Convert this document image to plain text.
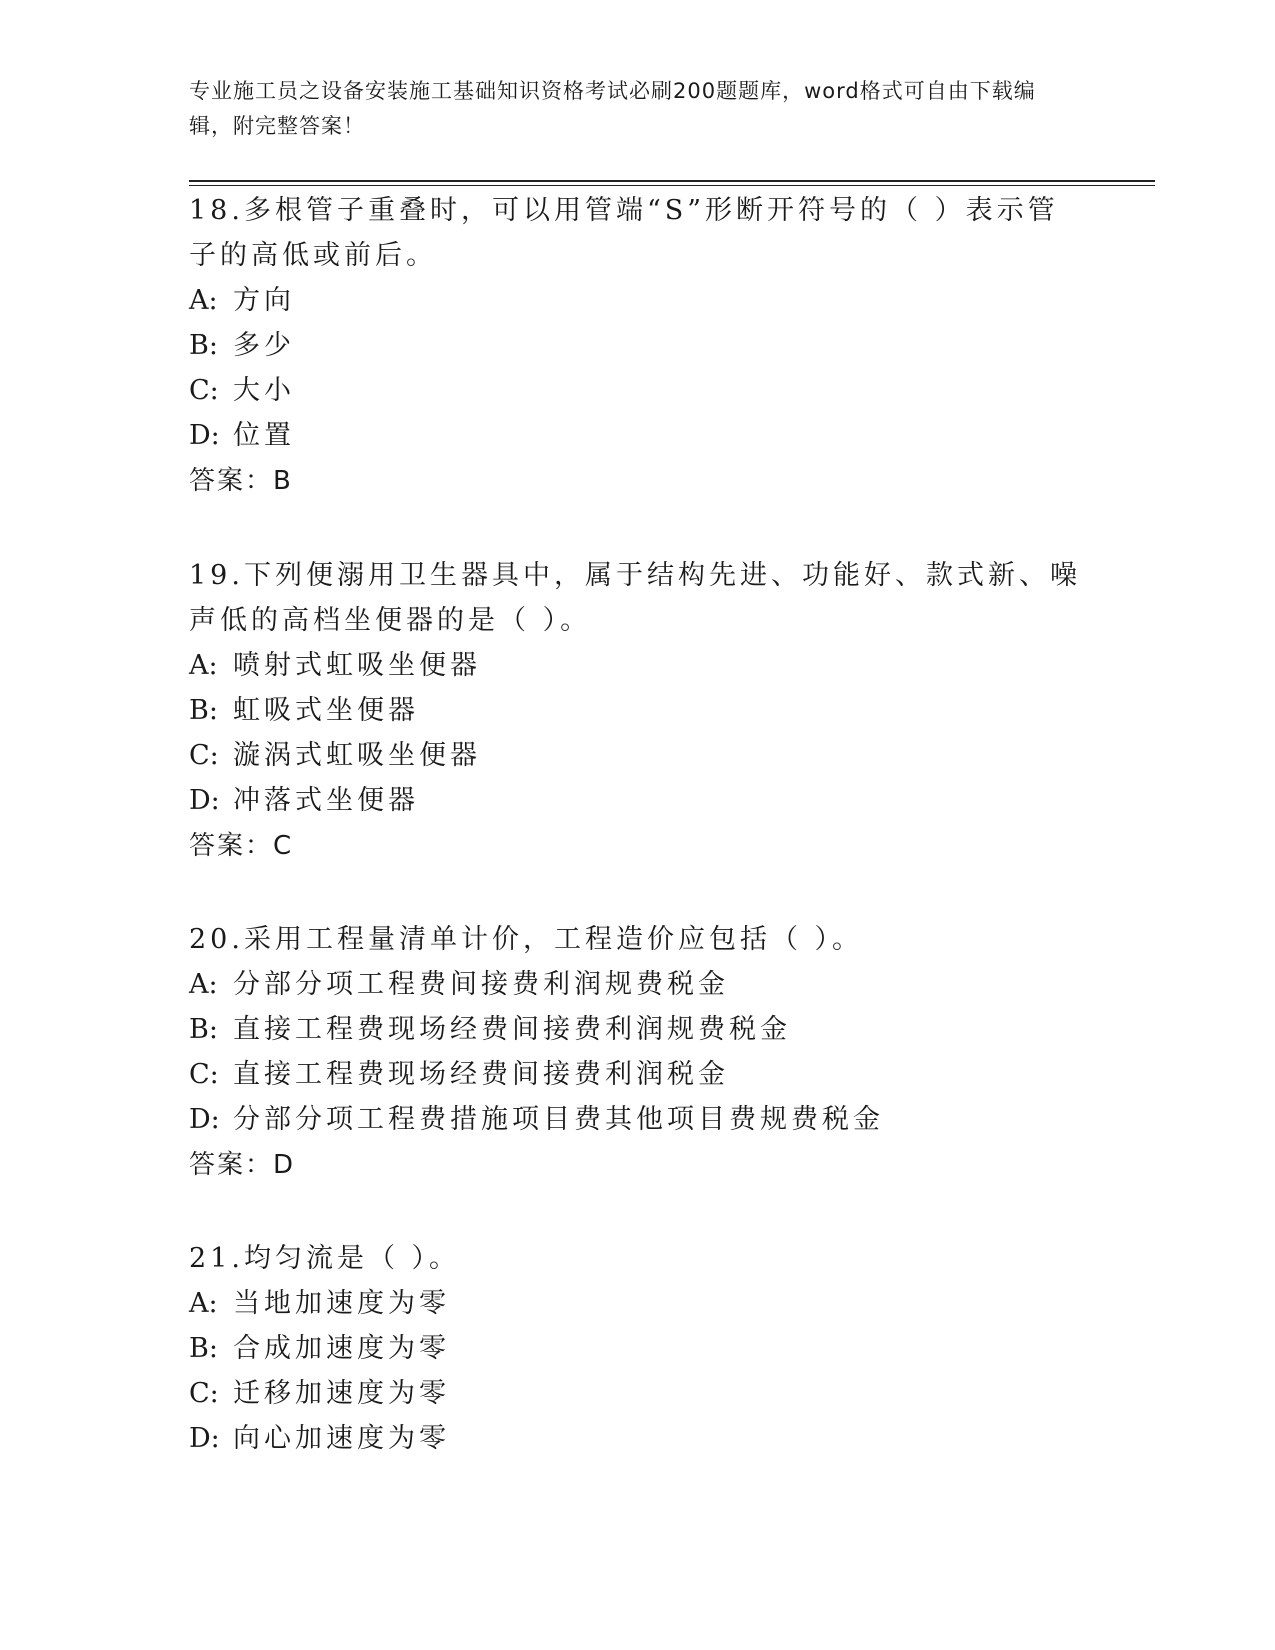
专业施工员之设备安装施工基础知识资格考试必刷200题题库，word格式可自由下载编辑，附完整答案！
18.多根管子重叠时，可以用管端“S”形断开符号的（ ）表示管子的高低或前后。
A: 方向
B: 多少
C: 大小
D: 位置
答案：B
19.下列便溺用卫生器具中，属于结构先进、功能好、款式新、噪声低的高档坐便器的是（ ）。
A: 喷射式虹吸坐便器
B: 虹吸式坐便器
C: 漩涡式虹吸坐便器
D: 冲落式坐便器
答案：C
20.采用工程量清单计价，工程造价应包括（ ）。
A: 分部分项工程费间接费利润规费税金
B: 直接工程费现场经费间接费利润规费税金
C: 直接工程费现场经费间接费利润税金
D: 分部分项工程费措施项目费其他项目费规费税金
答案：D
21.均匀流是（ ）。
A: 当地加速度为零
B: 合成加速度为零
C: 迁移加速度为零
D: 向心加速度为零
